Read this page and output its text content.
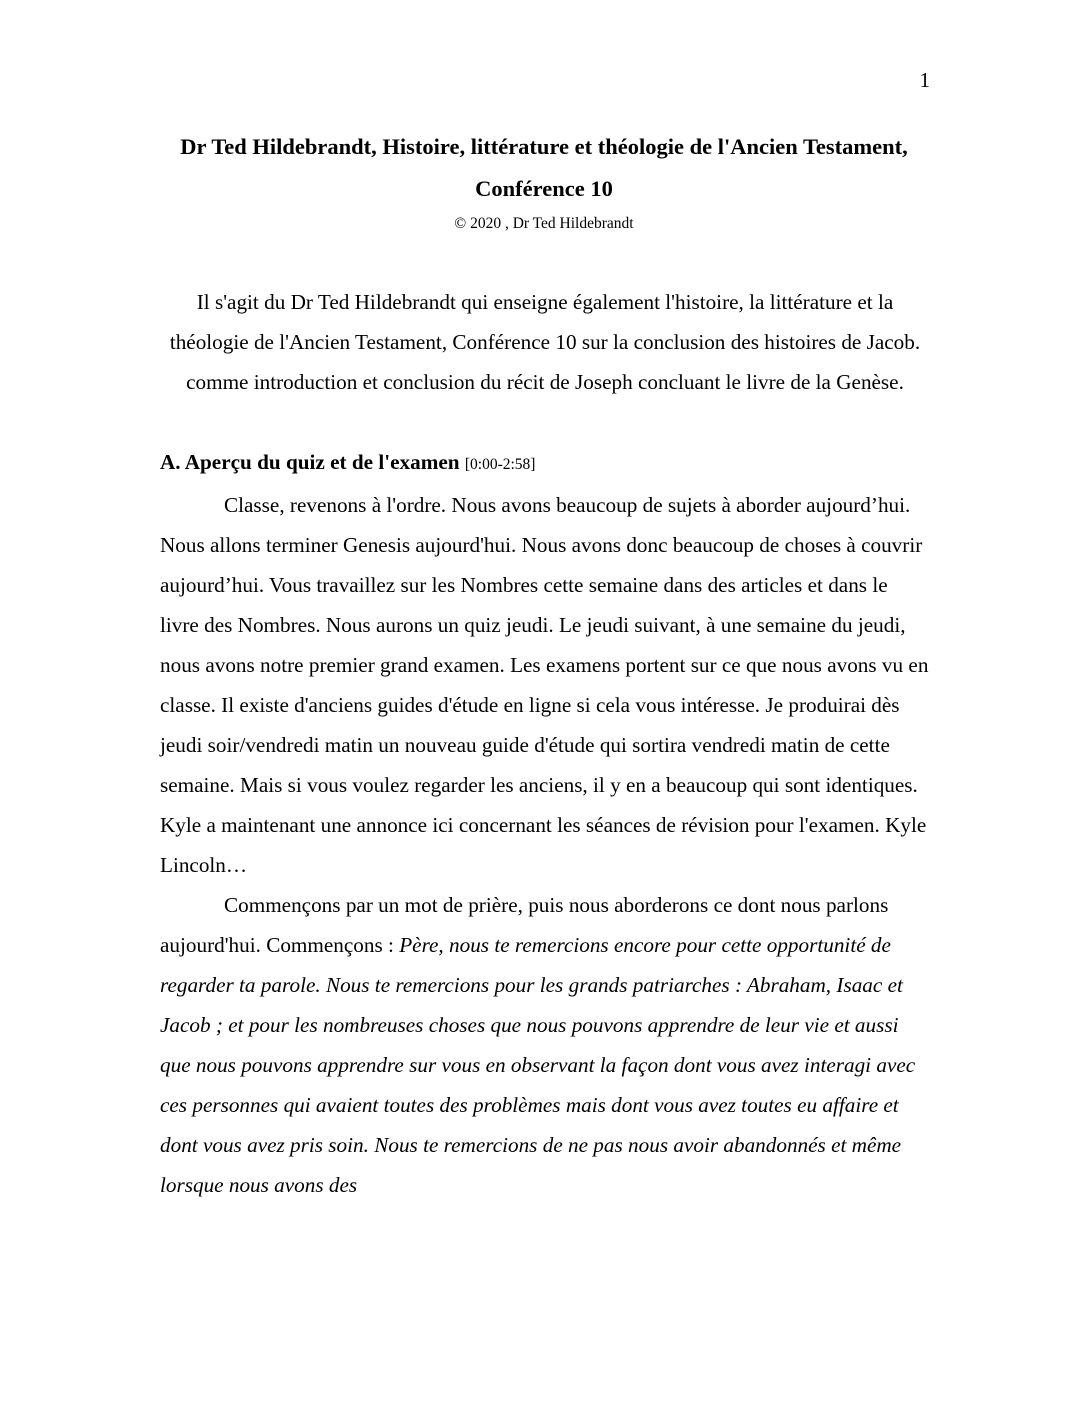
1
Dr Ted Hildebrandt, Histoire, littérature et théologie de l'Ancien Testament, Conférence 10
© 2020 , Dr Ted Hildebrandt

Il s'agit du Dr Ted Hildebrandt qui enseigne également l'histoire, la littérature et la théologie de l'Ancien Testament, Conférence 10 sur la conclusion des histoires de Jacob. comme introduction et conclusion du récit de Joseph concluant le livre de la Genèse.

A. Aperçu du quiz et de l'examen [0:00-2:58]

Classe, revenons à l'ordre. Nous avons beaucoup de sujets à aborder aujourd’hui. Nous allons terminer Genesis aujourd'hui. Nous avons donc beaucoup de choses à couvrir aujourd’hui. Vous travaillez sur les Nombres cette semaine dans des articles et dans le livre des Nombres. Nous aurons un quiz jeudi. Le jeudi suivant, à une semaine du jeudi, nous avons notre premier grand examen. Les examens portent sur ce que nous avons vu en classe. Il existe d'anciens guides d'étude en ligne si cela vous intéresse. Je produirai dès jeudi soir/vendredi matin un nouveau guide d'étude qui sortira vendredi matin de cette semaine. Mais si vous voulez regarder les anciens, il y en a beaucoup qui sont identiques. Kyle a maintenant une annonce ici concernant les séances de révision pour l'examen. Kyle Lincoln…

Commençons par un mot de prière, puis nous aborderons ce dont nous parlons aujourd'hui. Commençons : Père, nous te remercions encore pour cette opportunité de regarder ta parole. Nous te remercions pour les grands patriarches : Abraham, Isaac et Jacob ; et pour les nombreuses choses que nous pouvons apprendre de leur vie et aussi que nous pouvons apprendre sur vous en observant la façon dont vous avez interagi avec ces personnes qui avaient toutes des problèmes mais dont vous avez toutes eu affaire et dont vous avez pris soin. Nous te remercions de ne pas nous avoir abandonnés et même lorsque nous avons des
